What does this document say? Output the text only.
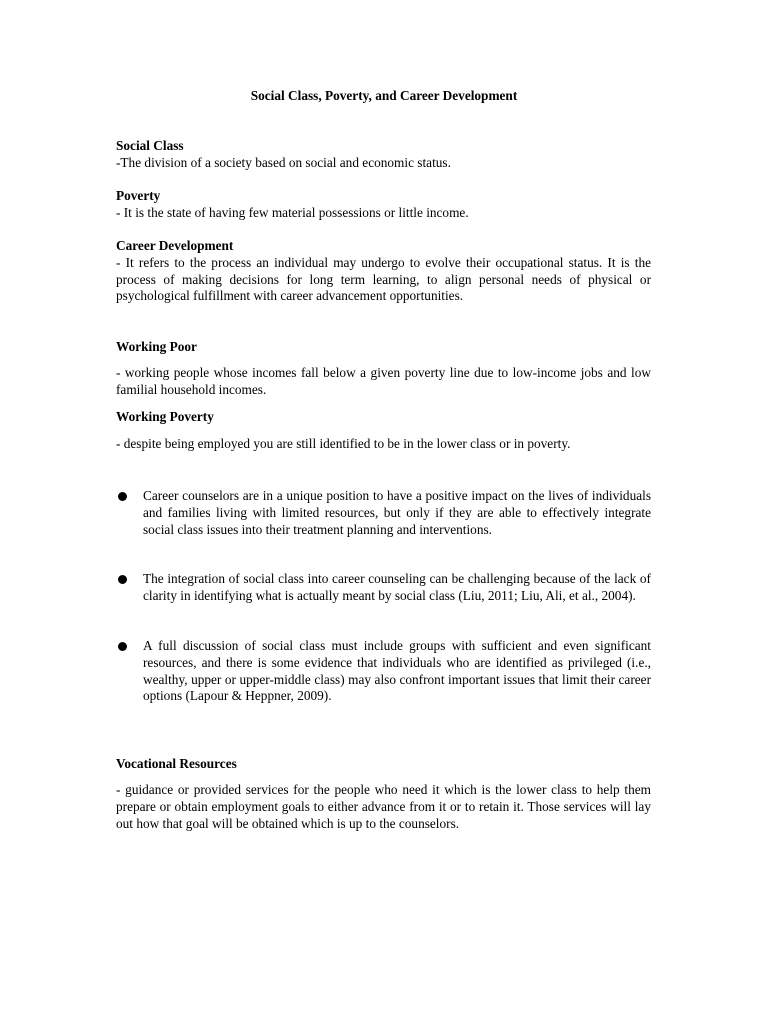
Social Class, Poverty, and Career Development
Social Class
-The division of a society based on social and economic status.
Poverty
- It is the state of having few material possessions or little income.
Career Development
- It refers to the process an individual may undergo to evolve their occupational status. It is the process of making decisions for long term learning, to align personal needs of physical or psychological fulfillment with career advancement opportunities.
Working Poor
- working people whose incomes fall below a given poverty line due to low-income jobs and low familial household incomes.
Working Poverty
- despite being employed you are still identified to be in the lower class or in poverty.
Career counselors are in a unique position to have a positive impact on the lives of individuals and families living with limited resources, but only if they are able to effectively integrate social class issues into their treatment planning and interventions.
The integration of social class into career counseling can be challenging because of the lack of clarity in identifying what is actually meant by social class (Liu, 2011; Liu, Ali, et al., 2004).
A full discussion of social class must include groups with sufficient and even significant resources, and there is some evidence that individuals who are identified as privileged (i.e., wealthy, upper or upper-middle class) may also confront important issues that limit their career options (Lapour & Heppner, 2009).
Vocational Resources
- guidance or provided services for the people who need it which is the lower class to help them prepare or obtain employment goals to either advance from it or to retain it. Those services will lay out how that goal will be obtained which is up to the counselors.
